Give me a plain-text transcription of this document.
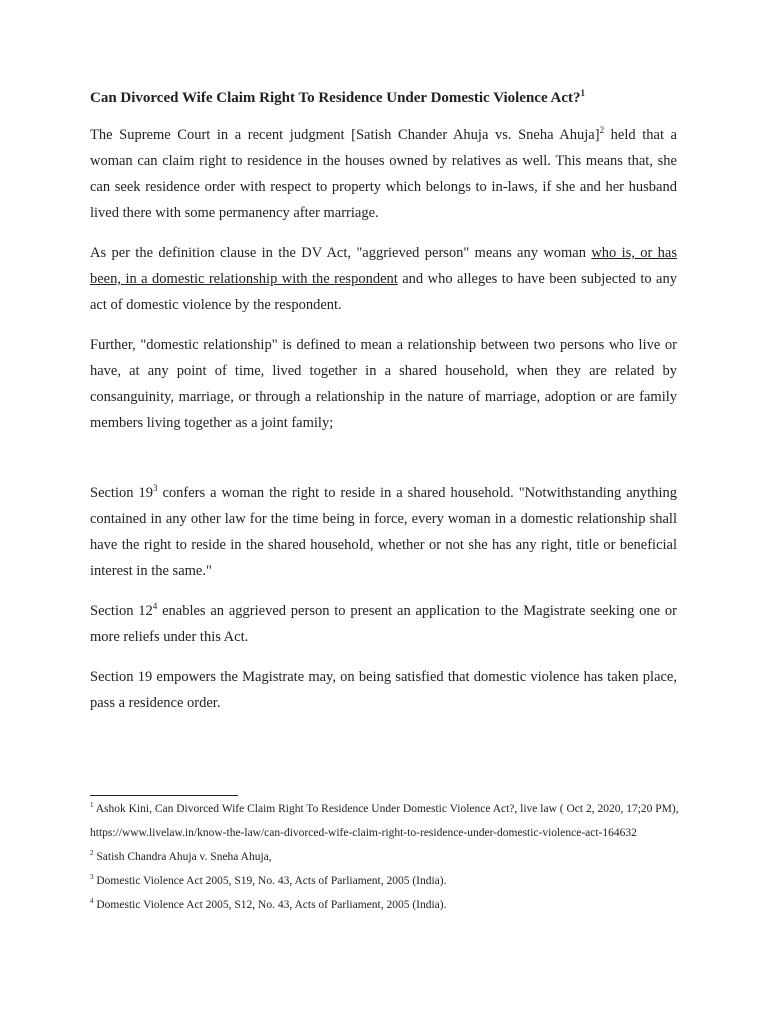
Can Divorced Wife Claim Right To Residence Under Domestic Violence Act?$^1$

The Supreme Court in a recent judgment [Satish Chander Ahuja vs. Sneha Ahuja]$^2$ held that a woman can claim right to residence in the houses owned by relatives as well. This means that, she can seek residence order with respect to property which belongs to in-laws, if she and her husband lived there with some permanency after marriage.

As per the definition clause in the DV Act, "aggrieved person" means any woman who is, or has been, in a domestic relationship with the respondent and who alleges to have been subjected to any act of domestic violence by the respondent.

Further, "domestic relationship" is defined to mean a relationship between two persons who live or have, at any point of time, lived together in a shared household, when they are related by consanguinity, marriage, or through a relationship in the nature of marriage, adoption or are family members living together as a joint family;

Section $19^3$ confers a woman the right to reside in a shared household. "Notwithstanding anything contained in any other law for the time being in force, every woman in a domestic relationship shall have the right to reside in the shared household, whether or not she has any right, title or beneficial interest in the same."

Section $12^4$ enables an aggrieved person to present an application to the Magistrate seeking one or more reliefs under this Act.

Section 19 empowers the Magistrate may, on being satisfied that domestic violence has taken place, pass a residence order.

$^1$ Ashok Kini, Can Divorced Wife Claim Right To Residence Under Domestic Violence Act?, live law ( Oct 2, 2020, 17;20 PM), https://www.livelaw.in/know-the-law/can-divorced-wife-claim-right-to-residence-under-domestic-violence-act-164632

$^2$ Satish Chandra Ahuja v. Sneha Ahuja,

$^3$ Domestic Violence Act 2005, S19, No. 43, Acts of Parliament, 2005 (India).

$^4$ Domestic Violence Act 2005, S12, No. 43, Acts of Parliament, 2005 (India).
